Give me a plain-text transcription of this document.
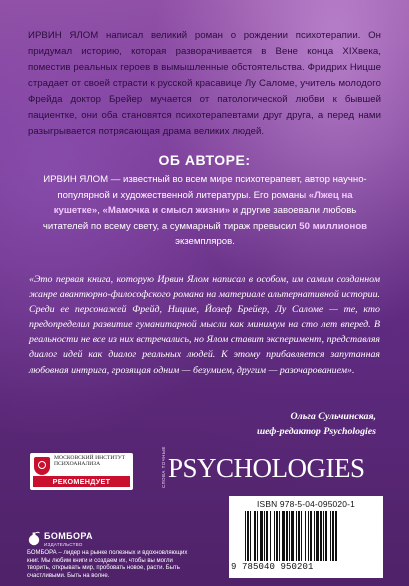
ИРВИН ЯЛОМ написал великий роман о рождении психотерапии. Он придумал историю, которая разворачивается в Вене конца XIXвека, поместив реальных героев в вымышленные обстоятельства. Фридрих Ницше страдает от своей страсти к русской красавице Лу Саломе, учитель молодого Фрейда доктор Брейер мучается от патологической любви к бывшей пациентке, они оба становятся психотерапевтами друг друга, а перед нами разыгрывается потрясающая драма великих людей.
ОБ АВТОРЕ:
ИРВИН ЯЛОМ — известный во всем мире психотерапевт, автор научно-популярной и художественной литературы. Его романы «Лжец на кушетке», «Мамочка и смысл жизни» и другие завоевали любовь читателей по всему свету, а суммарный тираж превысил 50 миллионов экземпляров.
«Это первая книга, которую Ирвин Ялом написал в особом, им самим созданном жанре авантюрно-философского романа на материале альтернативной истории. Среди ее персонажей Фрейд, Ницше, Йозеф Брейер, Лу Саломе — те, кто предопределил развитие гуманитарной мысли как минимум на сто лет вперед. В реальности не все из них встречались, но Ялом ставит эксперимент, представляя диалог идей как диалог реальных людей. К этому прибавляется запутанная любовная интрига, грозящая одним — безумием, другим — разочарованием».
Ольга Сульчинская,
шеф-редактор Psychologies
МОСКОВСКИЙ ИНСТИТУТ ПСИХОАНАЛИЗА
РЕКОМЕНДУЕТ	СЛОВА ТОЧНЫЕ PSYCHOLOGIES
БОМБОРА
ИЗДАТЕЛЬСТВО
БОМБОРА – лидер на рынке полезных и вдохновляющих книг. Мы любим книги и создаем их, чтобы вы могли творить, открывать мир, пробовать новое, расти. Быть счастливыми. Быть на волне.
ISBN 978-5-04-095020-1
9 785040 950201
